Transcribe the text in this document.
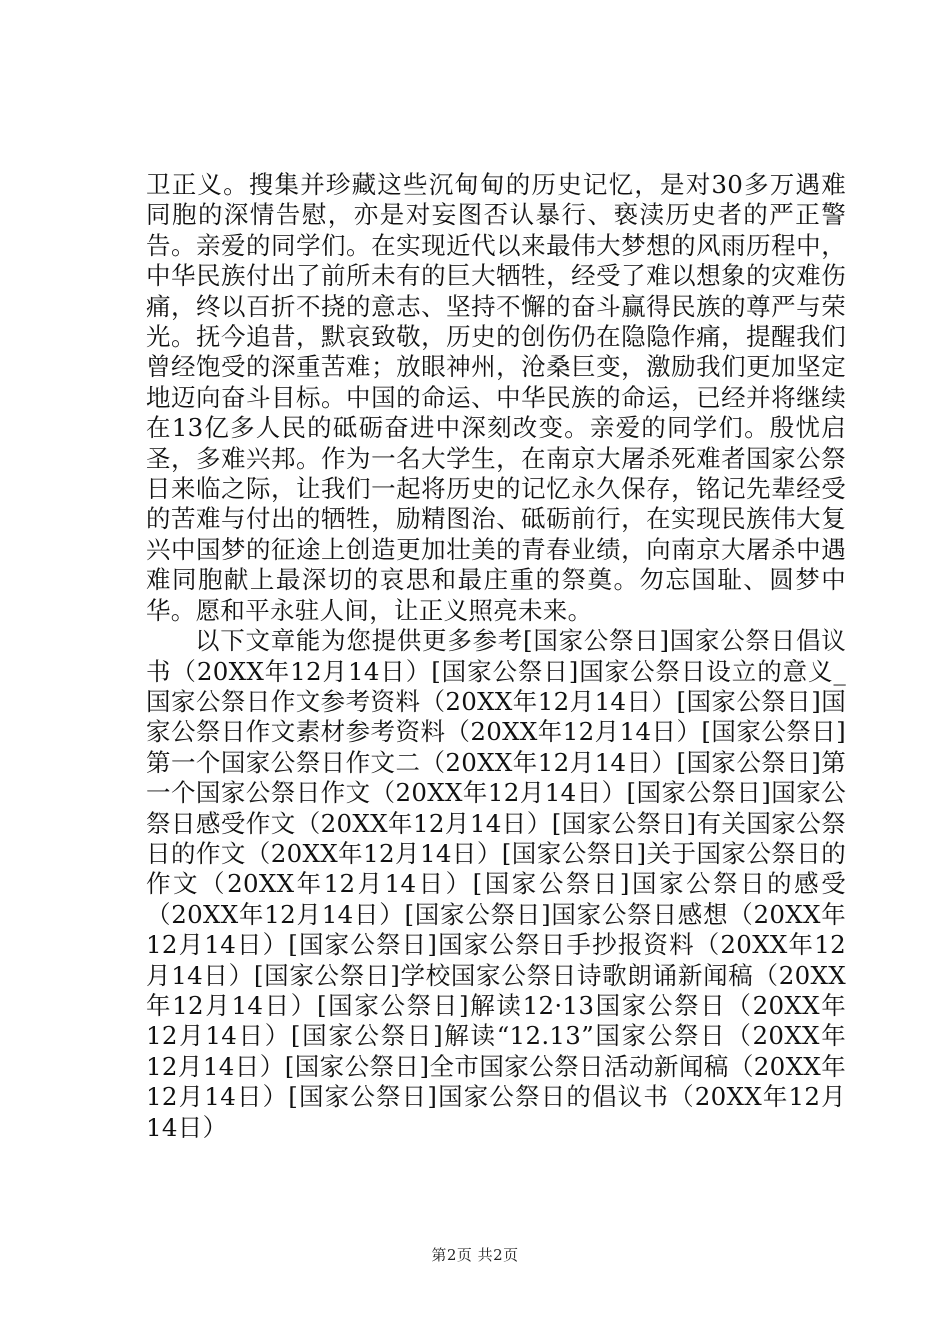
卫正义。搜集并珍藏这些沉甸甸的历史记忆，是对30多万遇难同胞的深情告慰，亦是对妄图否认暴行、亵渎历史者的严正警告。亲爱的同学们。在实现近代以来最伟大梦想的风雨历程中，中华民族付出了前所未有的巨大牺牲，经受了难以想象的灾难伤痛，终以百折不挠的意志、坚持不懈的奋斗赢得民族的尊严与荣光。抚今追昔，默哀致敬，历史的创伤仍在隐隐作痛，提醒我们曾经饱受的深重苦难；放眼神州，沧桑巨变，激励我们更加坚定地迈向奋斗目标。中国的命运、中华民族的命运，已经并将继续在13亿多人民的砥砺奋进中深刻改变。亲爱的同学们。殷忧启圣，多难兴邦。作为一名大学生，在南京大屠杀死难者国家公祭日来临之际，让我们一起将历史的记忆永久保存，铭记先辈经受的苦难与付出的牺牲，励精图治、砥砺前行，在实现民族伟大复兴中国梦的征途上创造更加壮美的青春业绩，向南京大屠杀中遇难同胞献上最深切的哀思和最庄重的祭奠。勿忘国耻、圆梦中华。愿和平永驻人间，让正义照亮未来。

以下文章能为您提供更多参考[国家公祭日]国家公祭日倡议书（20XX年12月14日）[国家公祭日]国家公祭日设立的意义_国家公祭日作文参考资料（20XX年12月14日）[国家公祭日]国家公祭日作文素材参考资料（20XX年12月14日）[国家公祭日]第一个国家公祭日作文二（20XX年12月14日）[国家公祭日]第一个国家公祭日作文（20XX年12月14日）[国家公祭日]国家公祭日感受作文（20XX年12月14日）[国家公祭日]有关国家公祭日的作文（20XX年12月14日）[国家公祭日]关于国家公祭日的作文（20XX年12月14日）[国家公祭日]国家公祭日的感受（20XX年12月14日）[国家公祭日]国家公祭日感想（20XX年12月14日）[国家公祭日]国家公祭日手抄报资料（20XX年12月14日）[国家公祭日]学校国家公祭日诗歌朗诵新闻稿（20XX年12月14日）[国家公祭日]解读12·13国家公祭日（20XX年12月14日）[国家公祭日]解读“12.13”国家公祭日（20XX年12月14日）[国家公祭日]全市国家公祭日活动新闻稿（20XX年12月14日）[国家公祭日]国家公祭日的倡议书（20XX年12月14日）

第2页 共2页
